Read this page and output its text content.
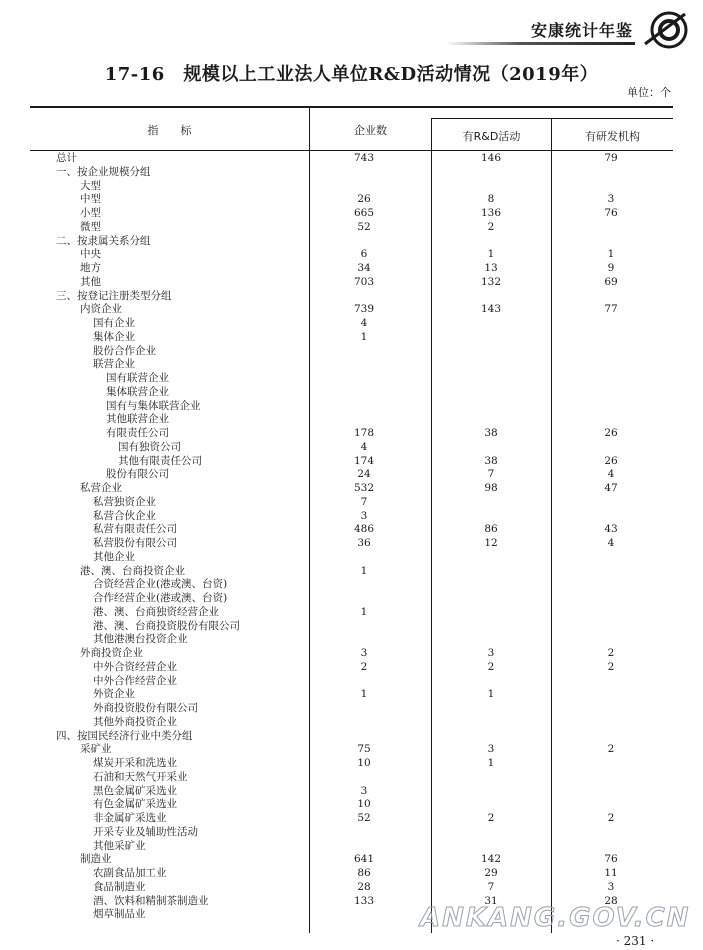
安康统计年鉴
17-16　规模以上工业法人单位R&D活动情况（2019年）
单位：个
指　　标	企业数	有R&D活动	有研发机构
总计	743	146	79
一、按企业规模分组
大型
中型	26	8	3
小型	665	136	76
微型	52	2
二、按隶属关系分组
中央	6	1	1
地方	34	13	9
其他	703	132	69
三、按登记注册类型分组
内资企业	739	143	77
国有企业	4
集体企业	1
股份合作企业
联营企业
国有联营企业
集体联营企业
国有与集体联营企业
其他联营企业
有限责任公司	178	38	26
国有独资公司	4
其他有限责任公司	174	38	26
股份有限公司	24	7	4
私营企业	532	98	47
私营独资企业	7
私营合伙企业	3
私营有限责任公司	486	86	43
私营股份有限公司	36	12	4
其他企业
港、澳、台商投资企业	1
合资经营企业(港或澳、台资)
合作经营企业(港或澳、台资)
港、澳、台商独资经营企业	1
港、澳、台商投资股份有限公司
其他港澳台投资企业
外商投资企业	3	3	2
中外合资经营企业	2	2	2
中外合作经营企业
外资企业	1	1
外商投资股份有限公司
其他外商投资企业
四、按国民经济行业中类分组
采矿业	75	3	2
煤炭开采和洗选业	10	1
石油和天然气开采业
黑色金属矿采选业	3
有色金属矿采选业	10
非金属矿采选业	52	2	2
开采专业及辅助性活动
其他采矿业
制造业	641	142	76
农副食品加工业	86	29	11
食品制造业	28	7	3
酒、饮料和精制茶制造业	133	31	28
烟草制品业	ANKANG.GOV.CN
· 231 ·
